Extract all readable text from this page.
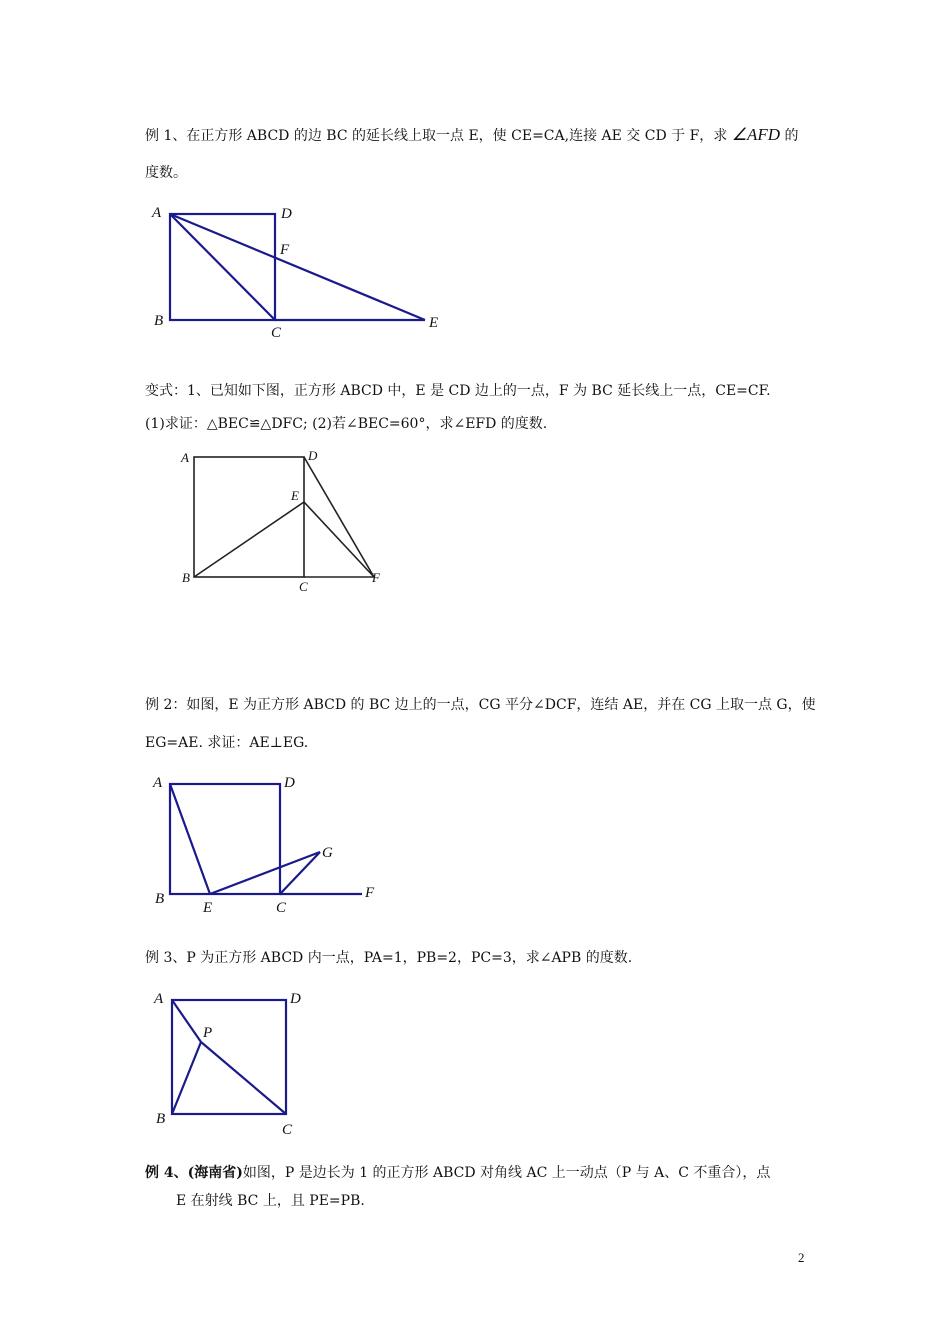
例 1、在正方形 ABCD 的边 BC 的延长线上取一点 E，使 CE=CA,连接 AE 交 CD 于 F，求 ∠AFD 的
度数。
A	D
F
B
C
E
变式：1、已知如下图，正方形 ABCD 中，E 是 CD 边上的一点，F 为 BC 延长线上一点，CE=CF.
(1)求证：△BEC≌△DFC; (2)若∠BEC=60°，求∠EFD 的度数.
A	D
E
B
C
F
例 2：如图，E 为正方形 ABCD 的 BC 边上的一点，CG 平分∠DCF，连结 AE，并在 CG 上取一点 G，使
EG=AE. 求证：AE⊥EG.
A	D
G
B
E	C
F
例 3、P 为正方形 ABCD 内一点，PA=1，PB=2，PC=3，求∠APB 的度数.
A	D
P
B
C
例 4、(海南省)如图，P 是边长为 1 的正方形 ABCD 对角线 AC 上一动点（P 与 A、C 不重合），点
E 在射线 BC 上，且 PE=PB.
2
